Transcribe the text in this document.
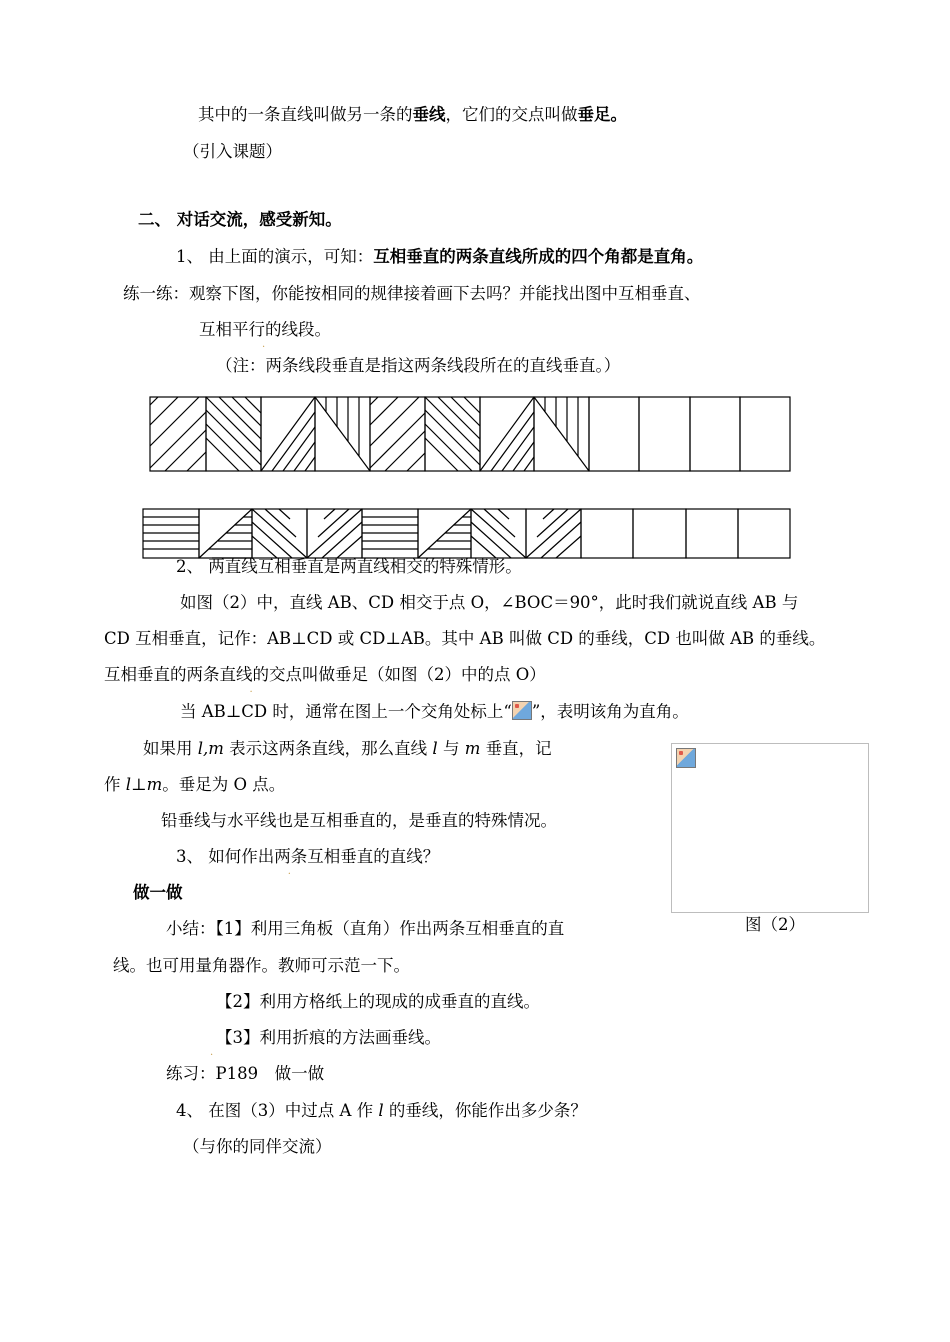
其中的一条直线叫做另一条的垂线，它们的交点叫做垂足。
（引入课题）
二、 对话交流，感受新知。
1、 由上面的演示，可知：互相垂直的两条直线所成的四个角都是直角。
练一练：观察下图，你能按相同的规律接着画下去吗？并能找出图中互相垂直、
互相平行
.
的线段。
（注：两条线段垂直是指这两条线段所在的直线垂直。）
2、 两直线互相垂直是两直线相交的特殊情形。
如图（2）中，直线 AB、CD 相交于点 O，∠BOC＝90°，此时我们就说直线 AB 与
CD 互相垂直，记作：AB⊥CD 或 CD⊥AB。其中 AB 叫做 CD 的垂线，CD 也叫做 AB 的垂线。
互相垂直的两条直线
.
的交点叫做垂足（如图（2）中的点 O）
当 AB⊥CD 时，通常在图上一个交角处标上“ ”，表明该角为直角。
如果用 l,m 表示这两条直线，那么直线 l 与 m 垂直，记
作 l⊥m。垂足为 O 点。
铅垂线与水平线也是互相垂直的，是垂直的特殊情况。
3、 如何作出两
.
条互相垂直的直线？
做一做
图（2）
小结：【1】利用三角板（直角）作出两条互相垂直的直
线。也可用量角器作。教师可示范一下。
【2】利用方格纸上的现成的成垂直的直线。
.
【3】利用折痕的方法画垂线。
练习：P189　做一做
4、 在图（3）中过点 A 作 l 的垂线，你能作出多少条？
（与你的同伴交流）
